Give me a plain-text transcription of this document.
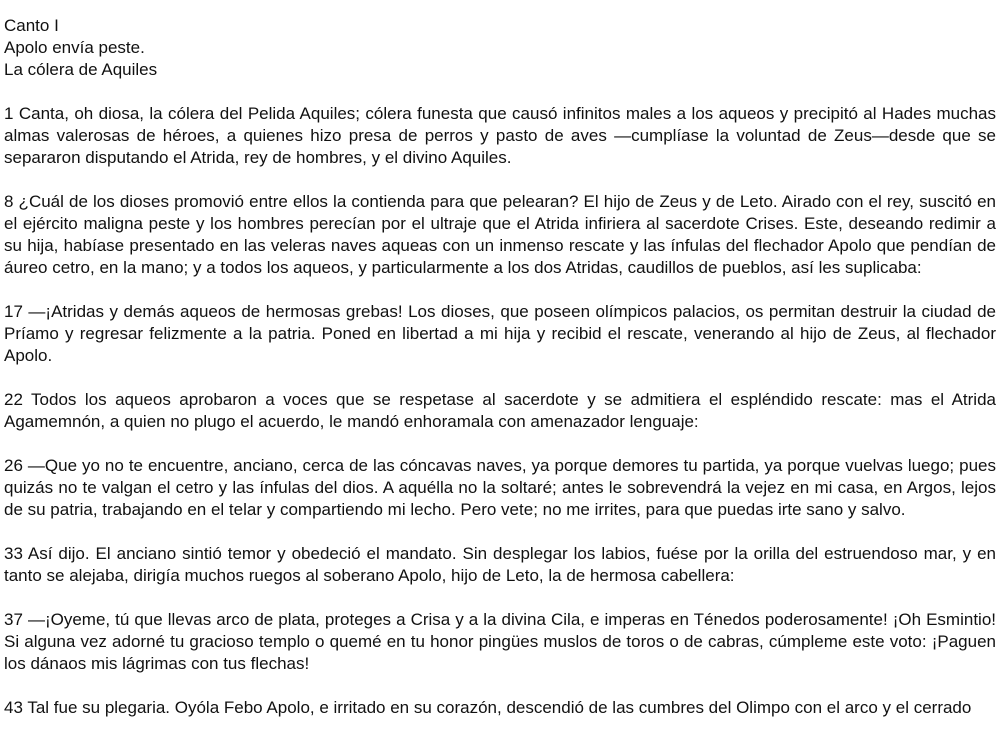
Canto I
Apolo envía peste.
La cólera de Aquiles

1 Canta, oh diosa, la cólera del Pelida Aquiles; cólera funesta que causó infinitos males a los aqueos y precipitó al Hades muchas almas valerosas de héroes, a quienes hizo presa de perros y pasto de aves —cumplíase la voluntad de Zeus—desde que se separaron disputando el Atrida, rey de hombres, y el divino Aquiles.

8 ¿Cuál de los dioses promovió entre ellos la contienda para que pelearan? El hijo de Zeus y de Leto. Airado con el rey, suscitó en el ejército maligna peste y los hombres perecían por el ultraje que el Atrida infiriera al sacerdote Crises. Este, deseando redimir a su hija, habíase presentado en las veleras naves aqueas con un inmenso rescate y las ínfulas del flechador Apolo que pendían de áureo cetro, en la mano; y a todos los aqueos, y particularmente a los dos Atridas, caudillos de pueblos, así les suplicaba:

17 —¡Atridas y demás aqueos de hermosas grebas! Los dioses, que poseen olímpicos palacios, os permitan destruir la ciudad de Príamo y regresar felizmente a la patria. Poned en libertad a mi hija y recibid el rescate, venerando al hijo de Zeus, al flechador Apolo.

22 Todos los aqueos aprobaron a voces que se respetase al sacerdote y se admitiera el espléndido rescate: mas el Atrida Agamemnón, a quien no plugo el acuerdo, le mandó enhoramala con amenazador lenguaje:

26 —Que yo no te encuentre, anciano, cerca de las cóncavas naves, ya porque demores tu partida, ya porque vuelvas luego; pues quizás no te valgan el cetro y las ínfulas del dios. A aquélla no la soltaré; antes le sobrevendrá la vejez en mi casa, en Argos, lejos de su patria, trabajando en el telar y compartiendo mi lecho. Pero vete; no me irrites, para que puedas irte sano y salvo.

33 Así dijo. El anciano sintió temor y obedeció el mandato. Sin desplegar los labios, fuése por la orilla del estruendoso mar, y en tanto se alejaba, dirigía muchos ruegos al soberano Apolo, hijo de Leto, la de hermosa cabellera:

37 —¡Oyeme, tú que llevas arco de plata, proteges a Crisa y a la divina Cila, e imperas en Ténedos poderosamente! ¡Oh Esmintio! Si alguna vez adorné tu gracioso templo o quemé en tu honor pingües muslos de toros o de cabras, cúmpleme este voto: ¡Paguen los dánaos mis lágrimas con tus flechas!

43 Tal fue su plegaria. Oyóla Febo Apolo, e irritado en su corazón, descendió de las cumbres del Olimpo con el arco y el cerrado
